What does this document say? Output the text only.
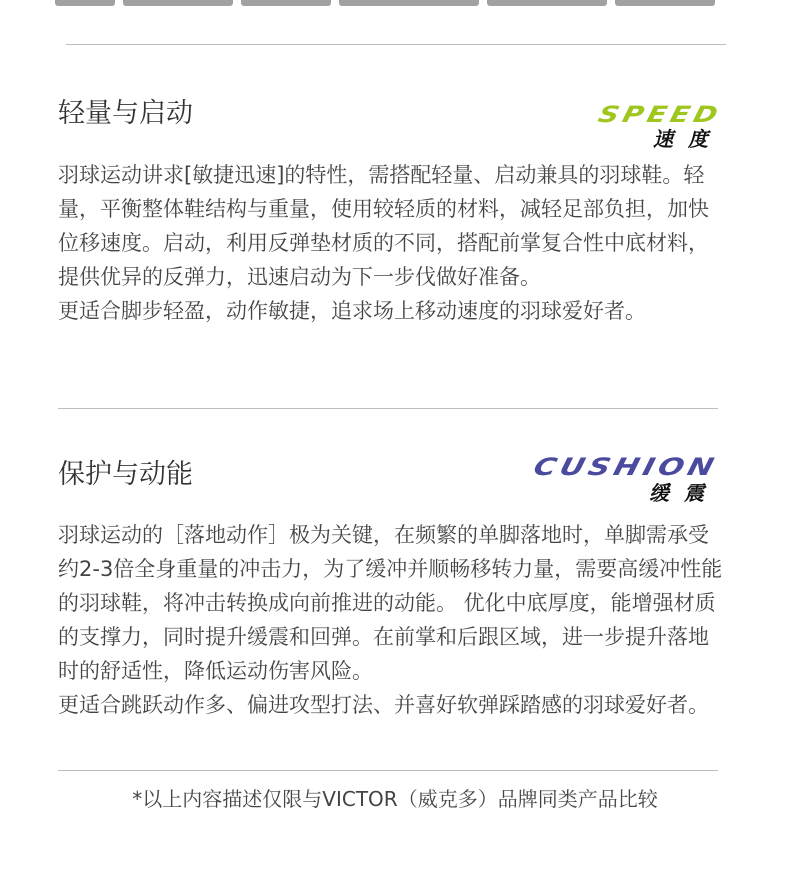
轻量与启动	SPEED
速 度

羽球运动讲求[敏捷迅速]的特性，需搭配轻量、启动兼具的羽球鞋。轻量，平衡整体鞋结构与重量，使用较轻质的材料，减轻足部负担，加快位移速度。启动，利用反弹垫材质的不同，搭配前掌复合性中底材料，提供优异的反弹力，迅速启动为下一步伐做好准备。

更适合脚步轻盈，动作敏捷，追求场上移动速度的羽球爱好者。

保护与动能	CUSHION
缓 震

羽球运动的［落地动作］极为关键，在频繁的单脚落地时，单脚需承受约2-3倍全身重量的冲击力，为了缓冲并顺畅移转力量，需要高缓冲性能的羽球鞋，将冲击转换成向前推进的动能。 优化中底厚度，能增强材质的支撑力，同时提升缓震和回弹。在前掌和后跟区域，进一步提升落地时的舒适性，降低运动伤害风险。

更适合跳跃动作多、偏进攻型打法、并喜好软弹踩踏感的羽球爱好者。

*以上内容描述仅限与VICTOR（威克多）品牌同类产品比较
